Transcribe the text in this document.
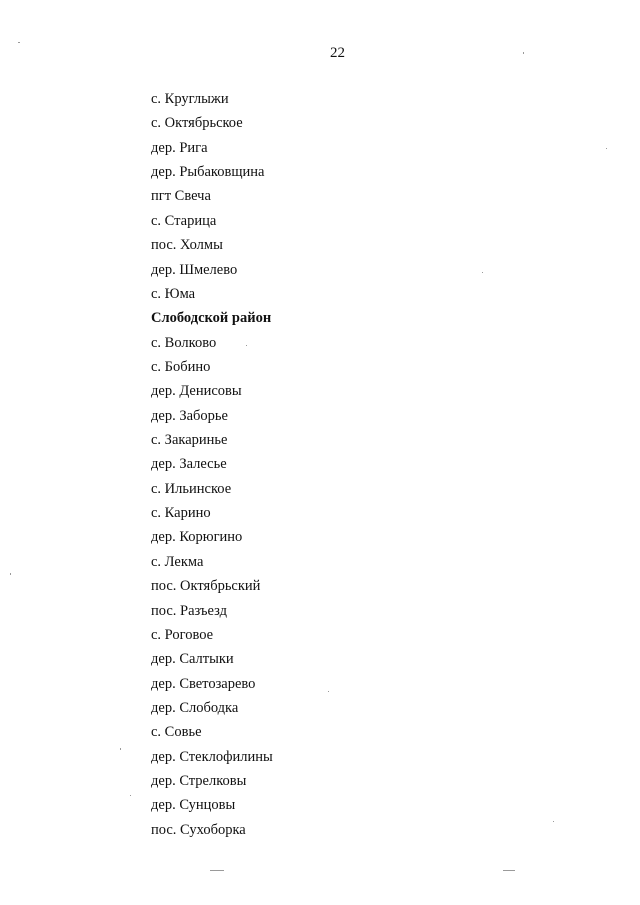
22
с. Круглыжи
с. Октябрьское
дер. Рига
дер. Рыбаковщина
пгт Свеча
с. Старица
пос. Холмы
дер. Шмелево
с. Юма
Слободской район
с. Волково
с. Бобино
дер. Денисовы
дер. Заборье
с. Закаринье
дер. Залесье
с. Ильинское
с. Карино
дер. Корюгино
с. Лекма
пос. Октябрьский
пос. Разъезд
с. Роговое
дер. Салтыки
дер. Светозарево
дер. Слободка
с. Совье
дер. Стеклофилины
дер. Стрелковы
дер. Сунцовы
пос. Сухоборка
